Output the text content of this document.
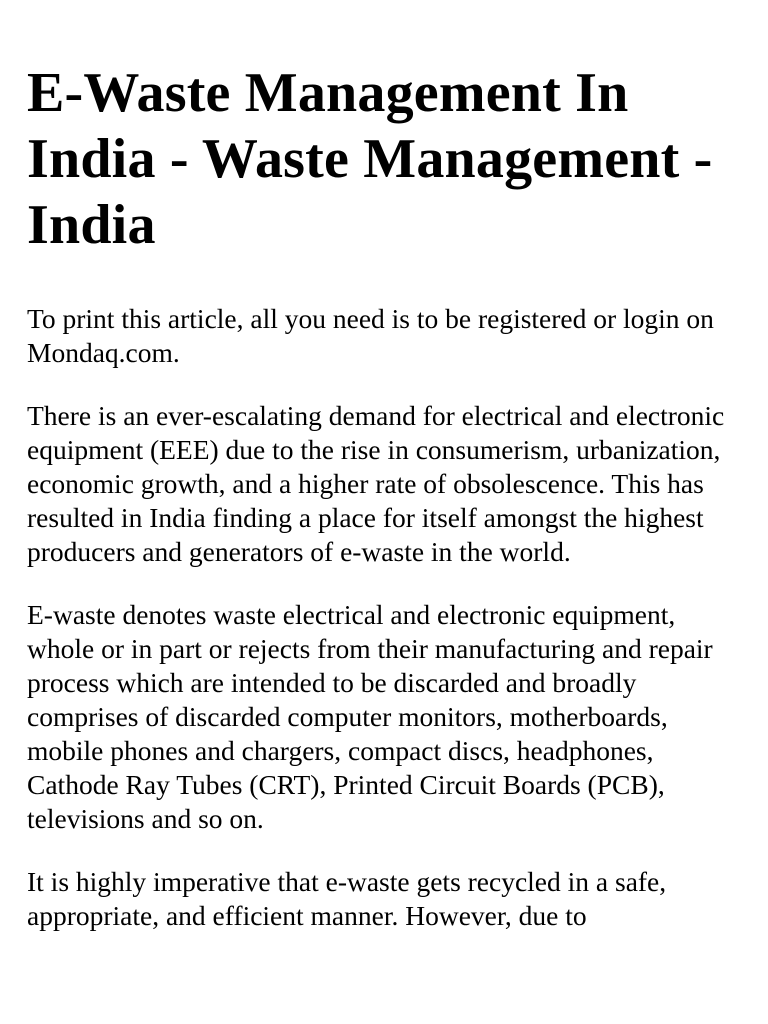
E-Waste Management In India - Waste Management - India

To print this article, all you need is to be registered or login on Mondaq.com.

There is an ever-escalating demand for electrical and electronic equipment (EEE) due to the rise in consumerism, urbanization, economic growth, and a higher rate of obsolescence. This has resulted in India finding a place for itself amongst the highest producers and generators of e-waste in the world.

E-waste denotes waste electrical and electronic equipment, whole or in part or rejects from their manufacturing and repair process which are intended to be discarded and broadly comprises of discarded computer monitors, motherboards, mobile phones and chargers, compact discs, headphones, Cathode Ray Tubes (CRT), Printed Circuit Boards (PCB), televisions and so on.

It is highly imperative that e-waste gets recycled in a safe, appropriate, and efficient manner. However, due to
